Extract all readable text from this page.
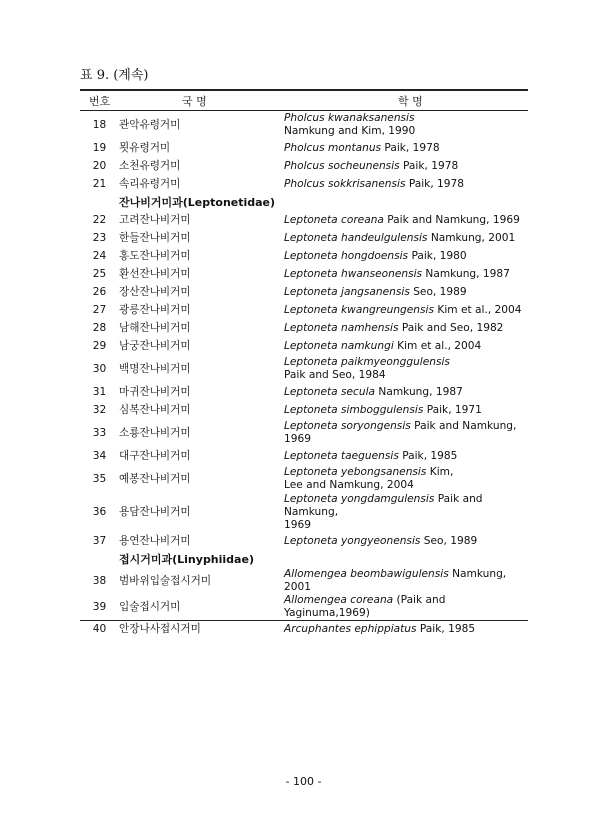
표 9. (계속)
번호	국 명	학 명
18	관악유령거미	Pholcus kwanaksanensis
Namkung and Kim, 1990
19	묏유령거미	Pholcus montanus Paik, 1978
20	소천유령거미	Pholcus socheunensis Paik, 1978
21	속리유령거미	Pholcus sokkrisanensis Paik, 1978
	잔나비거미과(Leptonetidae)	
22	고려잔나비거미	Leptoneta coreana Paik and Namkung, 1969
23	한들잔나비거미	Leptoneta handeulgulensis Namkung, 2001
24	홍도잔나비거미	Leptoneta hongdoensis Paik, 1980
25	환선잔나비거미	Leptoneta hwanseonensis Namkung, 1987
26	장산잔나비거미	Leptoneta jangsanensis Seo, 1989
27	광릉잔나비거미	Leptoneta kwangreungensis Kim et al., 2004
28	남해잔나비거미	Leptoneta namhensis Paik and Seo, 1982
29	남궁잔나비거미	Leptoneta namkungi Kim et al., 2004
30	백명잔나비거미	Leptoneta paikmyeonggulensis
Paik and Seo, 1984
31	마귀잔나비거미	Leptoneta secula Namkung, 1987
32	심복잔나비거미	Leptoneta simboggulensis Paik, 1971
33	소룡잔나비거미	Leptoneta soryongensis Paik and Namkung,
1969
34	대구잔나비거미	Leptoneta taeguensis Paik, 1985
35	예봉잔나비거미	Leptoneta yebongsanensis Kim,
Lee and Namkung, 2004
36	용담잔나비거미	Leptoneta yongdamgulensis Paik and Namkung,
1969
37	용연잔나비거미	Leptoneta yongyeonensis Seo, 1989
	접시거미과(Linyphiidae)	
38	범바위입술접시거미	Allomengea beombawigulensis Namkung, 2001
39	입술접시거미	Allomengea coreana (Paik and Yaginuma,1969)
40	안장나사접시거미	Arcuphantes ephippiatus Paik, 1985
- 100 -
